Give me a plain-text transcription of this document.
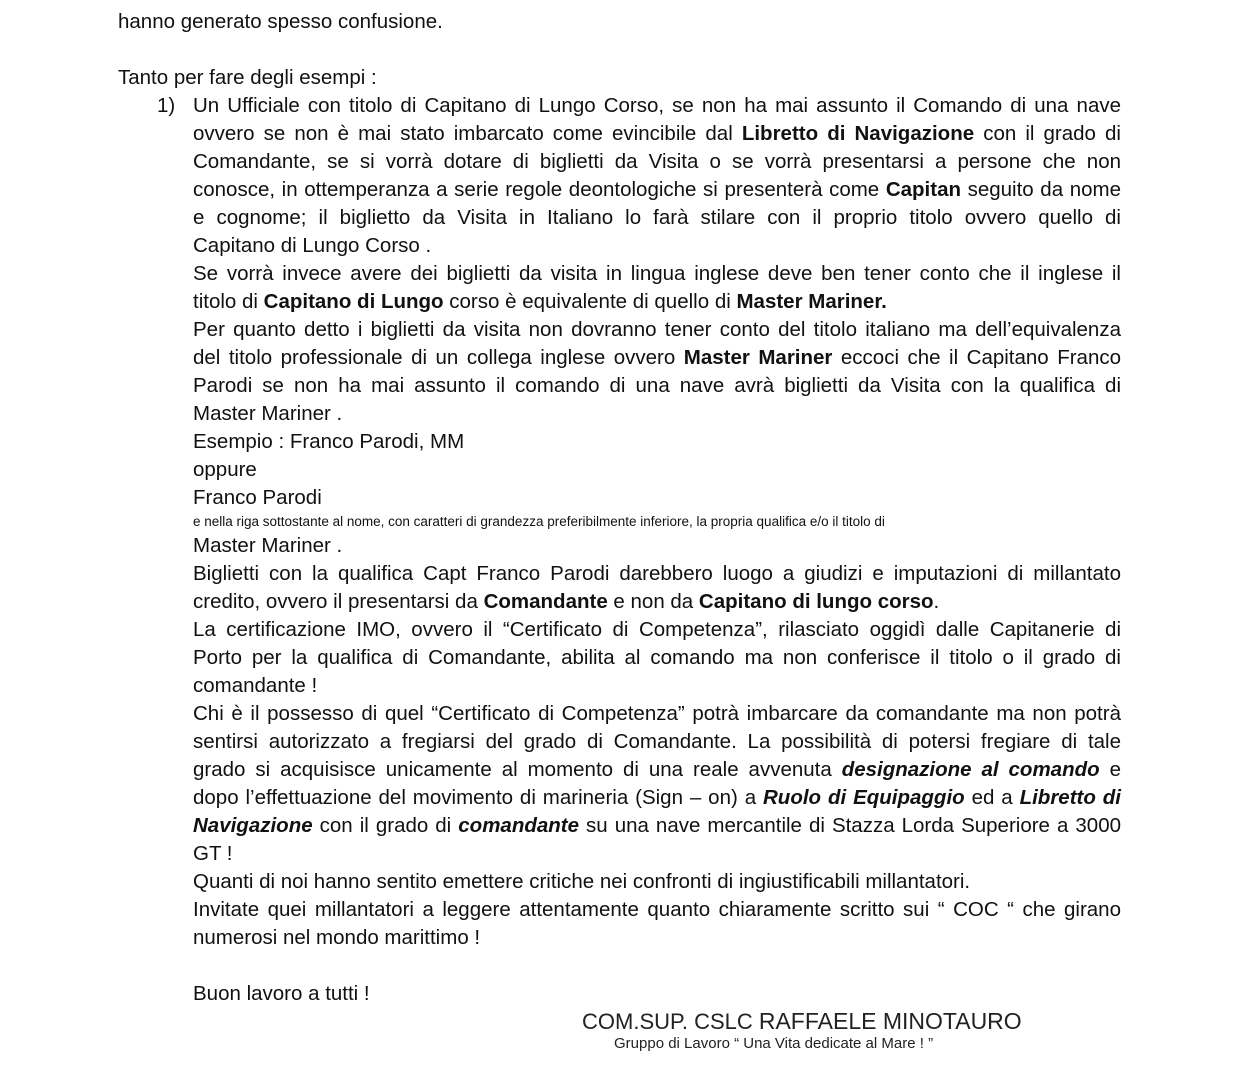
hanno generato spesso confusione.
Tanto per fare degli esempi :
1) Un Ufficiale con titolo di Capitano di Lungo Corso, se non ha mai assunto il Comando di una nave
ovvero se non è mai stato imbarcato come evincibile dal Libretto di Navigazione con il grado di
Comandante, se si vorrà dotare di biglietti da Visita o se vorrà presentarsi a persone che non
conosce, in ottemperanza a serie regole deontologiche si presenterà come Capitan seguito da nome
e cognome; il biglietto da Visita in Italiano lo farà stilare con il proprio titolo ovvero quello di
Capitano di Lungo Corso .
Se vorrà invece avere dei biglietti da visita in lingua inglese deve ben tener conto che il inglese il
titolo di Capitano di Lungo corso è equivalente di quello di Master Mariner.
Per quanto detto i biglietti da visita non dovranno tener conto del titolo italiano ma dell’equivalenza
del titolo professionale di un collega inglese ovvero Master Mariner eccoci che il Capitano Franco
Parodi se non ha mai assunto il comando di una nave avrà biglietti da Visita con la qualifica di
Master Mariner .
Esempio : Franco Parodi, MM
oppure
Franco Parodi
e nella riga sottostante al nome, con caratteri di grandezza preferibilmente inferiore, la propria qualifica e/o il titolo di
Master Mariner .
Biglietti con la qualifica Capt Franco Parodi darebbero luogo a giudizi e imputazioni di millantato
credito, ovvero il presentarsi da Comandante e non da Capitano di lungo corso.
La certificazione IMO, ovvero il “Certificato di Competenza”, rilasciato oggidì dalle Capitanerie di
Porto per la qualifica di Comandante, abilita al comando ma non conferisce il titolo o il grado di
comandante !
Chi è il possesso di quel “Certificato di Competenza” potrà imbarcare da comandante ma non potrà
sentirsi autorizzato a fregiarsi del grado di Comandante. La possibilità di potersi fregiare di tale
grado si acquisisce unicamente al momento di una reale avvenuta designazione al comando e
dopo l’effettuazione del movimento di marineria (Sign – on) a Ruolo di Equipaggio ed a Libretto di
Navigazione con il grado di comandante su una nave mercantile di Stazza Lorda Superiore a 3000
GT !
Quanti di noi hanno sentito emettere critiche nei confronti di ingiustificabili millantatori.
Invitate quei millantatori a leggere attentamente quanto chiaramente scritto sui “ COC “ che girano
numerosi nel mondo marittimo !
Buon lavoro a tutti !
COM.SUP. CSLC RAFFAELE MINOTAURO
Gruppo di Lavoro “ Una Vita dedicate al Mare ! ”
